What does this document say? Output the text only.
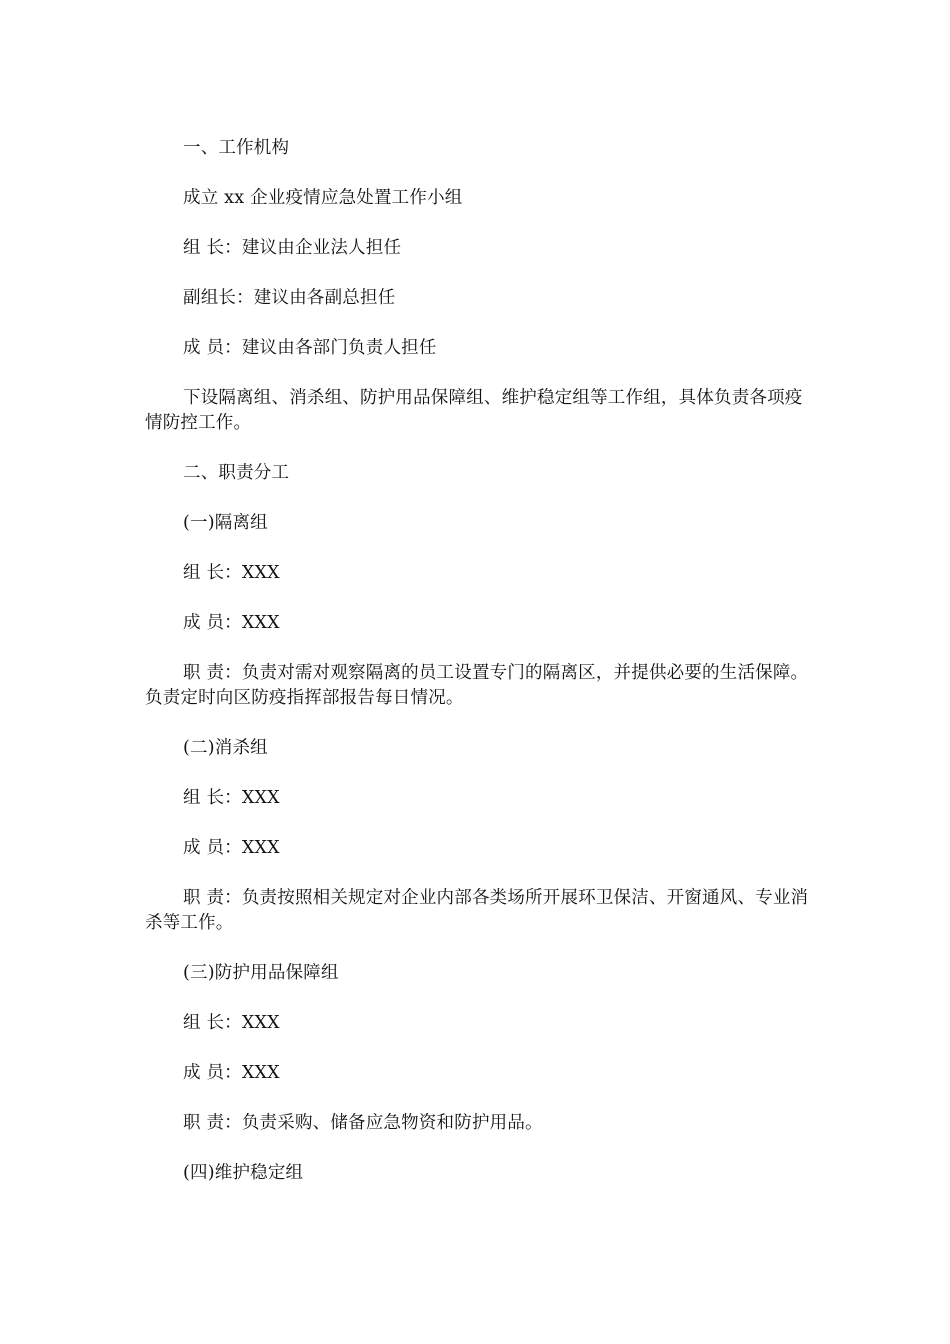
一、工作机构

成立 xx 企业疫情应急处置工作小组

组 长：建议由企业法人担任

副组长：建议由各副总担任

成 员：建议由各部门负责人担任

下设隔离组、消杀组、防护用品保障组、维护稳定组等工作组，具体负责各项疫情防控工作。

二、职责分工

(一)隔离组

组 长：XXX

成 员：XXX

职 责：负责对需对观察隔离的员工设置专门的隔离区，并提供必要的生活保障。负责定时向区防疫指挥部报告每日情况。

(二)消杀组

组 长：XXX

成 员：XXX

职 责：负责按照相关规定对企业内部各类场所开展环卫保洁、开窗通风、专业消杀等工作。

(三)防护用品保障组

组 长：XXX

成 员：XXX

职 责：负责采购、储备应急物资和防护用品。

(四)维护稳定组
